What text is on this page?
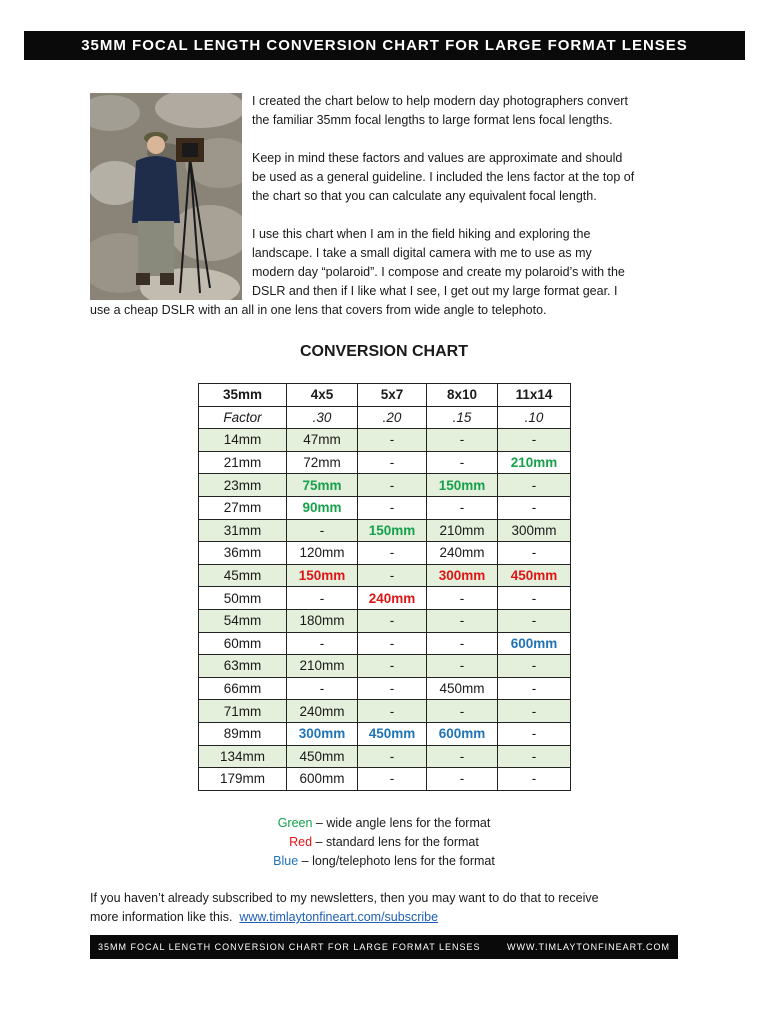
35MM FOCAL LENGTH CONVERSION CHART FOR LARGE FORMAT LENSES
I created the chart below to help modern day photographers convert
the familiar 35mm focal lengths to large format lens focal lengths.
Keep in mind these factors and values are approximate and should
be used as a general guideline. I included the lens factor at the top of
the chart so that you can calculate any equivalent focal length.
I use this chart when I am in the field hiking and exploring the
landscape. I take a small digital camera with me to use as my
modern day “polaroid”. I compose and create my polaroid’s with the
DSLR and then if I like what I see, I get out my large format gear. I
use a cheap DSLR with an all in one lens that covers from wide angle to telephoto.
CONVERSION CHART
35mm	4x5	5x7	8x10	11x14
Factor	.30	.20	.15	.10
14mm	47mm	-	-	-
21mm	72mm	-	-	210mm
23mm	75mm	-	150mm	-
27mm	90mm	-	-	-
31mm	-	150mm	210mm	300mm
36mm	120mm	-	240mm	-
45mm	150mm	-	300mm	450mm
50mm	-	240mm	-	-
54mm	180mm	-	-	-
60mm	-	-	-	600mm
63mm	210mm	-	-	-
66mm	-	-	450mm	-
71mm	240mm	-	-	-
89mm	300mm	450mm	600mm	-
134mm	450mm	-	-	-
179mm	600mm	-	-	-
Green – wide angle lens for the format
Red – standard lens for the format
Blue – long/telephoto lens for the format
If you haven’t already subscribed to my newsletters, then you may want to do that to receive
more information like this.  www.timlaytonfineart.com/subscribe
35MM FOCAL LENGTH CONVERSION CHART FOR LARGE FORMAT LENSES	WWW.TIMLAYTONFINEART.COM
